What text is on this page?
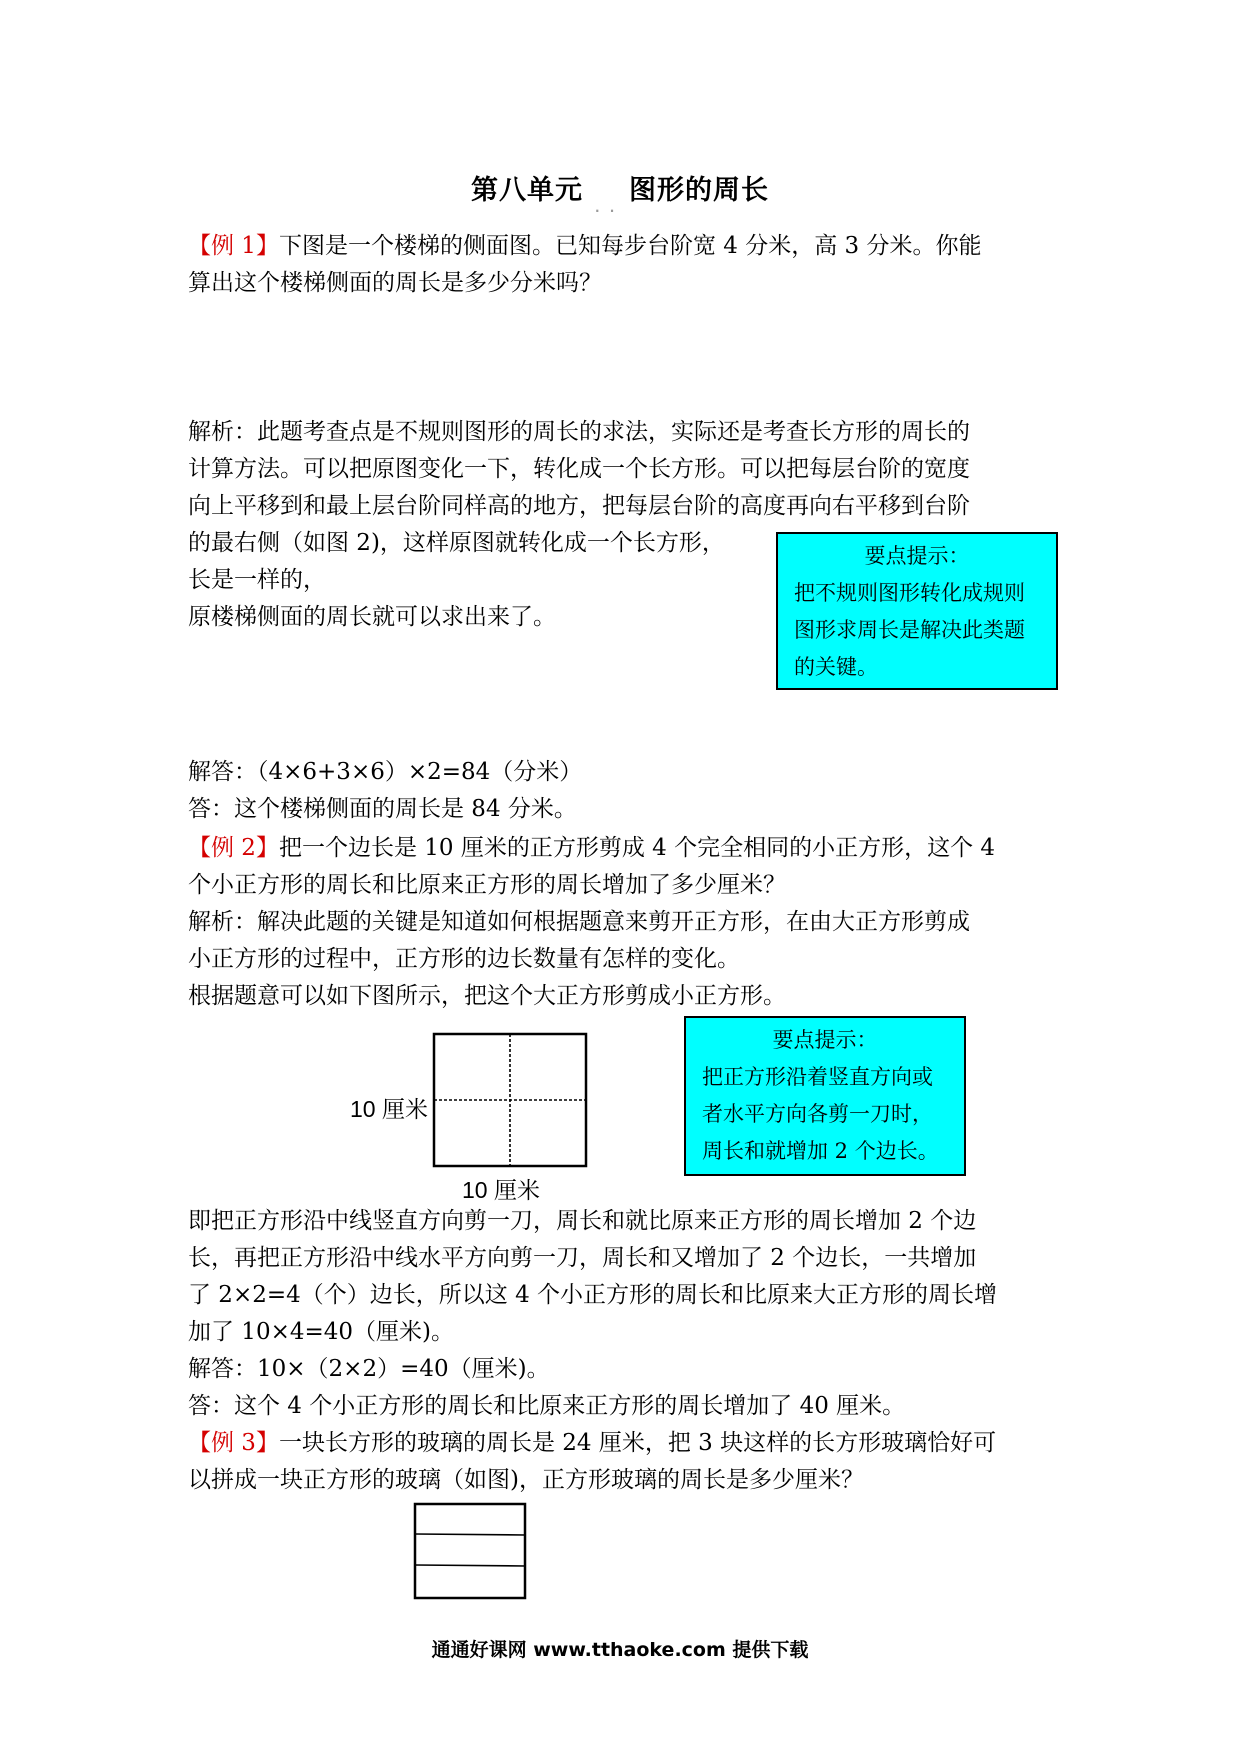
第八单元 图形的周长
【例 1】下图是一个楼梯的侧面图。已知每步台阶宽 4 分米，高 3 分米。你能
算出这个楼梯侧面的周长是多少分米吗？
解析：此题考查点是不规则图形的周长的求法，实际还是考查长方形的周长的
计算方法。可以把原图变化一下，转化成一个长方形。可以把每层台阶的宽度
向上平移到和最上层台阶同样高的地方，把每层台阶的高度再向右平移到台阶
的最右侧（如图 2)，这样原图就转化成一个长方形，
长是一样的，
原楼梯侧面的周长就可以求出来了。
要点提示：
把不规则图形转化成规则
图形求周长是解决此类题
的关键。
解答：（4×6+3×6）×2=84（分米）
答：这个楼梯侧面的周长是 84 分米。
【例 2】把一个边长是 10 厘米的正方形剪成 4 个完全相同的小正方形，这个 4
个小正方形的周长和比原来正方形的周长增加了多少厘米？
解析：解决此题的关键是知道如何根据题意来剪开正方形，在由大正方形剪成
小正方形的过程中，正方形的边长数量有怎样的变化。
根据题意可以如下图所示，把这个大正方形剪成小正方形。
10 厘米
10 厘米
要点提示：
把正方形沿着竖直方向或
者水平方向各剪一刀时，
周长和就增加 2 个边长。
即把正方形沿中线竖直方向剪一刀，周长和就比原来正方形的周长增加 2 个边
长，再把正方形沿中线水平方向剪一刀，周长和又增加了 2 个边长，一共增加
了 2×2=4（个）边长，所以这 4 个小正方形的周长和比原来大正方形的周长增
加了 10×4=40（厘米)。
解答：10×（2×2）=40（厘米)。
答：这个 4 个小正方形的周长和比原来正方形的周长增加了 40 厘米。
【例 3】一块长方形的玻璃的周长是 24 厘米，把 3 块这样的长方形玻璃恰好可
以拼成一块正方形的玻璃（如图)，正方形玻璃的周长是多少厘米？
通通好课网 www.tthaoke.com 提供下载
